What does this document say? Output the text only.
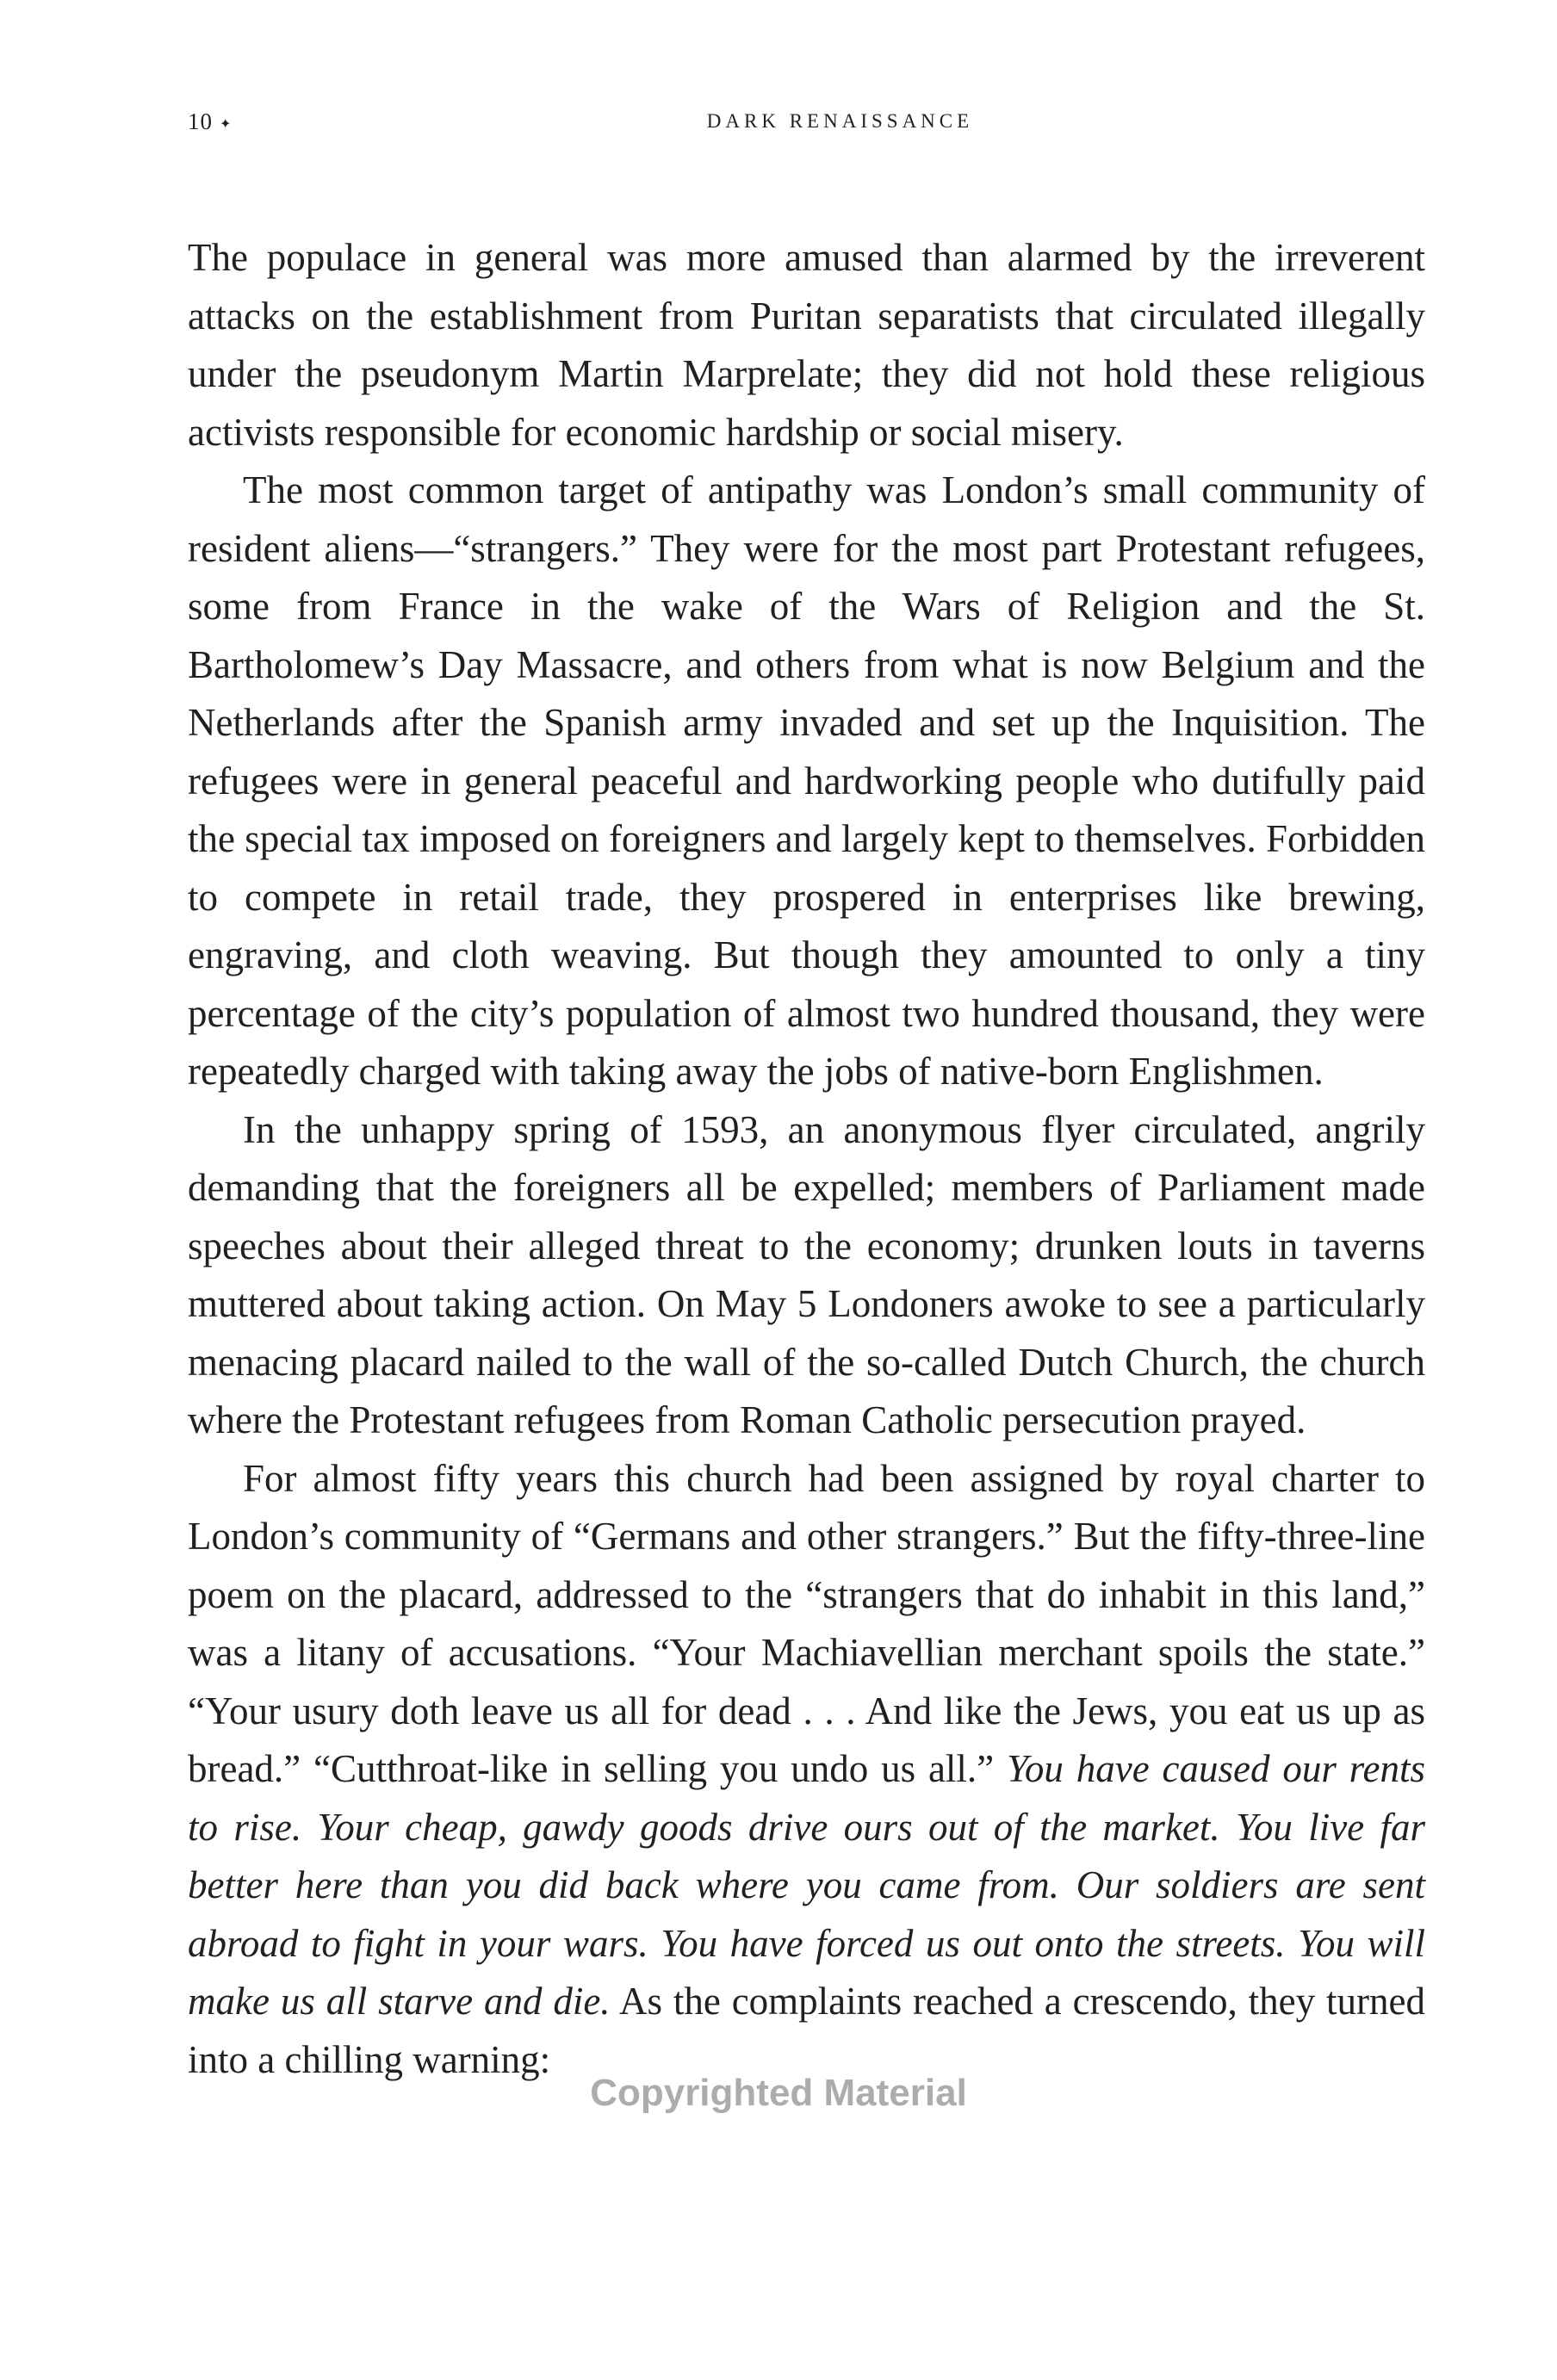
10 ✦	DARK RENAISSANCE

The populace in general was more amused than alarmed by the irreverent attacks on the establishment from Puritan separatists that circulated illegally under the pseudonym Martin Marprelate; they did not hold these religious activists responsible for economic hardship or social misery.

The most common target of antipathy was London’s small community of resident aliens—“strangers.” They were for the most part Protestant refugees, some from France in the wake of the Wars of Religion and the St. Bartholomew’s Day Massacre, and others from what is now Belgium and the Netherlands after the Spanish army invaded and set up the Inquisition. The refugees were in general peaceful and hardworking people who dutifully paid the special tax imposed on foreigners and largely kept to themselves. Forbidden to compete in retail trade, they prospered in enterprises like brewing, engraving, and cloth weaving. But though they amounted to only a tiny percentage of the city’s population of almost two hundred thousand, they were repeatedly charged with taking away the jobs of native-born Englishmen.

In the unhappy spring of 1593, an anonymous flyer circulated, angrily demanding that the foreigners all be expelled; members of Parliament made speeches about their alleged threat to the economy; drunken louts in taverns muttered about taking action. On May 5 Londoners awoke to see a particularly menacing placard nailed to the wall of the so-called Dutch Church, the church where the Protestant refugees from Roman Catholic persecution prayed.

For almost fifty years this church had been assigned by royal charter to London’s community of “Germans and other strangers.” But the fifty-three-line poem on the placard, addressed to the “strangers that do inhabit in this land,” was a litany of accusations. “Your Machiavellian merchant spoils the state.” “Your usury doth leave us all for dead . . . And like the Jews, you eat us up as bread.” “Cutthroat-like in selling you undo us all.” You have caused our rents to rise. Your cheap, gawdy goods drive ours out of the market. You live far better here than you did back where you came from. Our soldiers are sent abroad to fight in your wars. You have forced us out onto the streets. You will make us all starve and die. As the complaints reached a crescendo, they turned into a chilling warning:

Copyrighted Material
